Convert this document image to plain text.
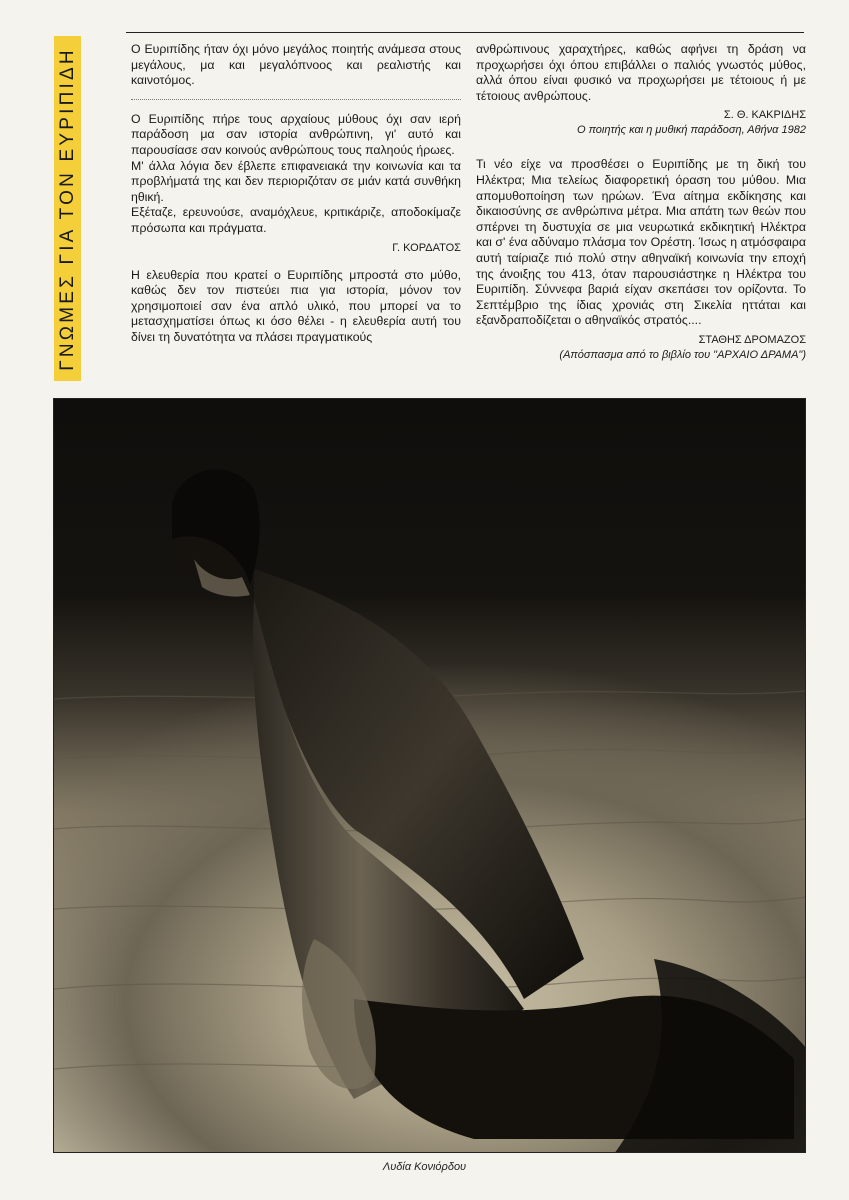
ΓΝΩΜΕΣ ΓΙΑ ΤΟΝ ΕΥΡΙΠΙΔΗ	Ο Ευριπίδης ήταν όχι μόνο μεγάλος ποιητής ανάμεσα στους μεγάλους, μα και μεγαλόπνοος και ρεαλιστής και καινοτόμος.

Ο Ευριπίδης πήρε τους αρχαίους μύθους όχι σαν ιερή παράδοση μα σαν ιστορία ανθρώπινη, γι' αυτό και παρουσίασε σαν κοινούς ανθρώπους τους παληούς ήρωες.

Μ' άλλα λόγια δεν έβλεπε επιφανειακά την κοινωνία και τα προβλήματά της και δεν περιοριζόταν σε μιάν κατά συνθήκη ηθική.

Εξέταζε, ερευνούσε, αναμόχλευε, κριτικάριζε, αποδοκίμαζε πρόσωπα και πράγματα.

Γ. ΚΟΡΔΑΤΟΣ

Η ελευθερία που κρατεί ο Ευριπίδης μπροστά στο μύθο, καθώς δεν τον πιστεύει πια για ιστορία, μόνον τον χρησιμοποιεί σαν ένα απλό υλικό, που μπορεί να το μετασχηματίσει όπως κι όσο θέλει - η ελευθερία αυτή του δίνει τη δυνατότητα να πλάσει πραγματικούς

ανθρώπινους χαραχτήρες, καθώς αφήνει τη δράση να προχωρήσει όχι όπου επιβάλλει ο παλιός γνωστός μύθος, αλλά όπου είναι φυσικό να προχωρήσει με τέτοιους ή με τέτοιους ανθρώπους.

Σ. Θ. ΚΑΚΡΙΔΗΣ
Ο ποιητής και η μυθική παράδοση, Αθήνα 1982

Τι νέο είχε να προσθέσει ο Ευριπίδης με τη δική του Ηλέκτρα; Μια τελείως διαφορετική όραση του μύθου. Μια απομυθοποίηση των ηρώων. Ένα αίτημα εκδίκησης και δικαιοσύνης σε ανθρώπινα μέτρα. Μια απάτη των θεών που σπέρνει τη δυστυχία σε μια νευρωτικά εκδικητική Ηλέκτρα και σ' ένα αδύναμο πλάσμα τον Ορέστη. Ίσως η ατμόσφαιρα αυτή ταίριαζε πιό πολύ στην αθηναϊκή κοινωνία την εποχή της άνοιξης του 413, όταν παρουσιάστηκε η Ηλέκτρα του Ευριπίδη. Σύννεφα βαριά είχαν σκεπάσει τον ορίζοντα. Το Σεπτέμβριο της ίδιας χρονιάς στη Σικελία ηττάται και εξανδραποδίζεται ο αθηναϊκός στρατός....

ΣΤΑΘΗΣ ΔΡΟΜΑΖΟΣ
(Απόσπασμα από το βιβλίο του "ΑΡΧΑΙΟ ΔΡΑΜΑ")
Λυδία Κονιόρδου
